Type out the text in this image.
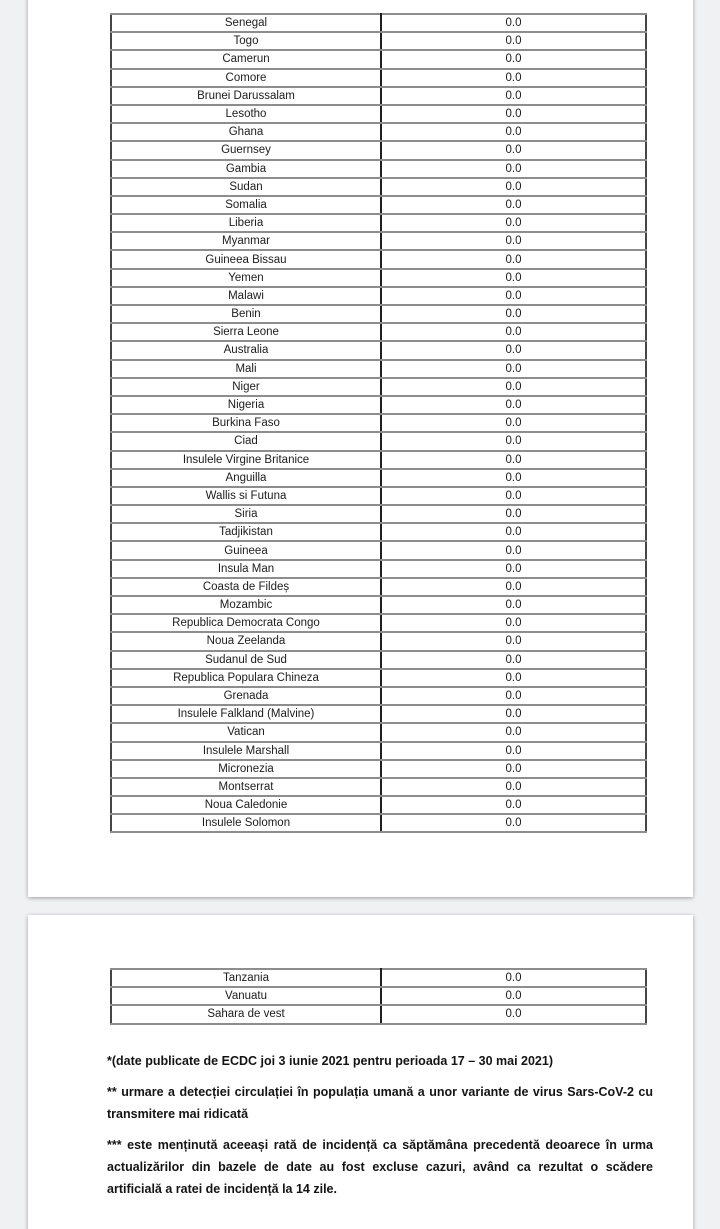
Senegal	0.0
Togo	0.0
Camerun	0.0
Comore	0.0
Brunei Darussalam	0.0
Lesotho	0.0
Ghana	0.0
Guernsey	0.0
Gambia	0.0
Sudan	0.0
Somalia	0.0
Liberia	0.0
Myanmar	0.0
Guineea Bissau	0.0
Yemen	0.0
Malawi	0.0
Benin	0.0
Sierra Leone	0.0
Australia	0.0
Mali	0.0
Niger	0.0
Nigeria	0.0
Burkina Faso	0.0
Ciad	0.0
Insulele Virgine Britanice	0.0
Anguilla	0.0
Wallis si Futuna	0.0
Siria	0.0
Tadjikistan	0.0
Guineea	0.0
Insula Man	0.0
Coasta de Fildeș	0.0
Mozambic	0.0
Republica Democrata Congo	0.0
Noua Zeelanda	0.0
Sudanul de Sud	0.0
Republica Populara Chineza	0.0
Grenada	0.0
Insulele Falkland (Malvine)	0.0
Vatican	0.0
Insulele Marshall	0.0
Micronezia	0.0
Montserrat	0.0
Noua Caledonie	0.0
Insulele Solomon	0.0
Tanzania	0.0
Vanuatu	0.0
Sahara de vest	0.0

*(date publicate de ECDC joi 3 iunie 2021 pentru perioada 17 – 30 mai 2021)

** urmare a detecției circulației în populația umană a unor variante de virus Sars-CoV-2 cu transmitere mai ridicată

*** este menținută aceeași rată de incidență ca săptămâna precedentă deoarece în urma actualizărilor din bazele de date au fost excluse cazuri, având ca rezultat o scădere artificială a ratei de incidență la 14 zile.
